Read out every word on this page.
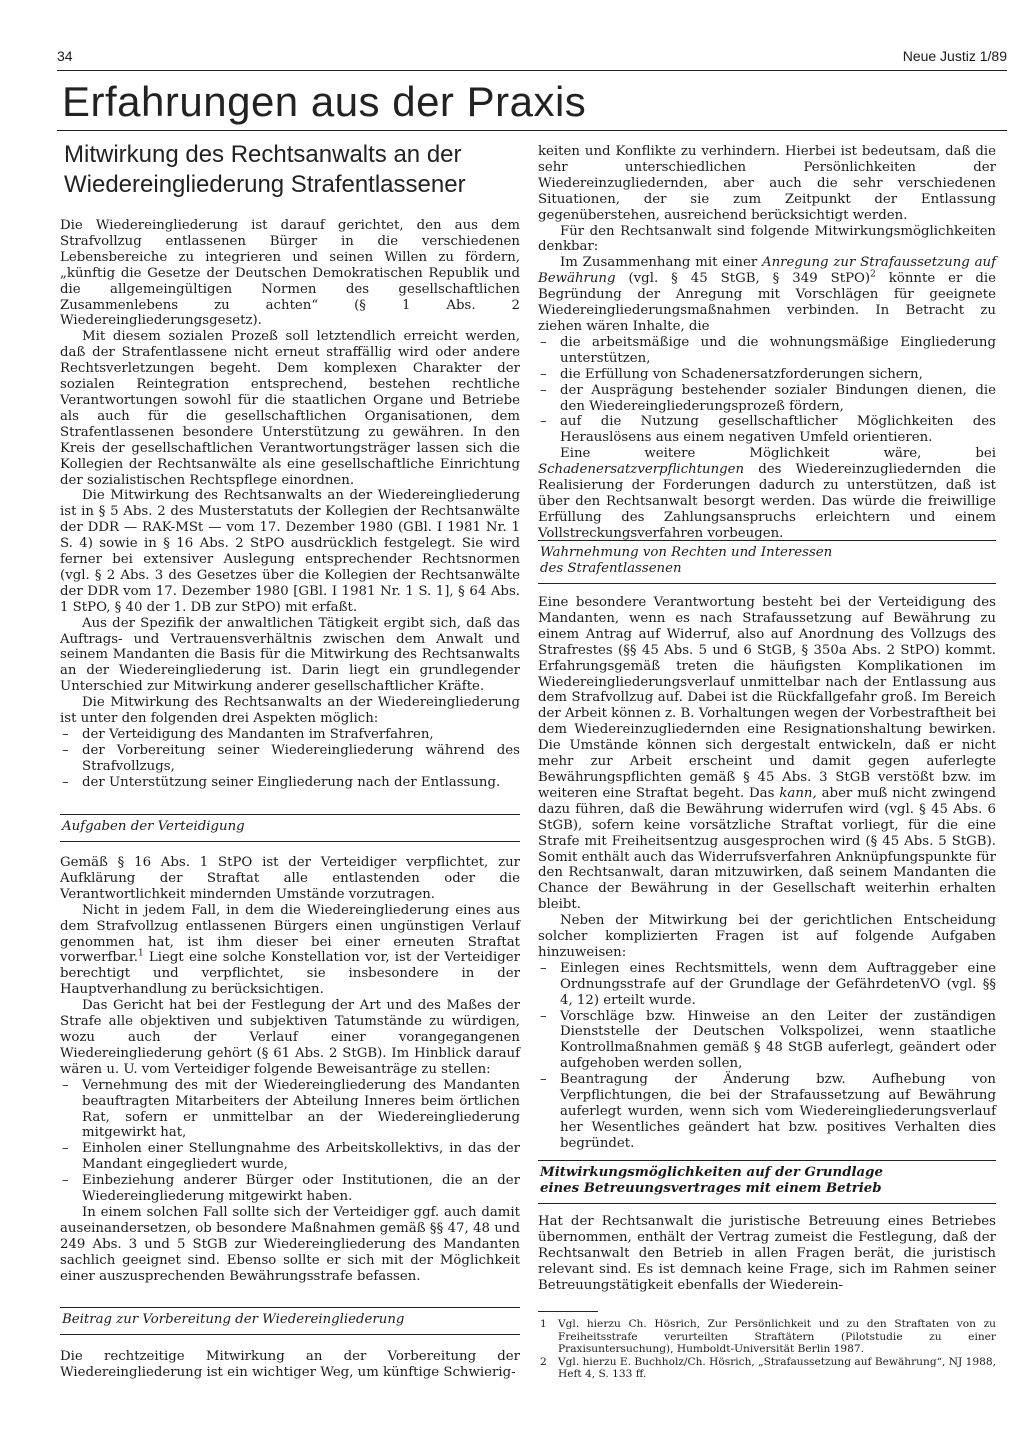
34	Neue Justiz 1/89
Erfahrungen aus der Praxis
Mitwirkung des Rechtsanwalts an der
Wiedereingliederung Strafentlassener

Die Wiedereingliederung ist darauf gerichtet, den aus dem Strafvollzug entlassenen Bürger in die verschiedenen Lebensbereiche zu integrieren und seinen Willen zu fördern, „künftig die Gesetze der Deutschen Demokratischen Republik und die allgemeingültigen Normen des gesellschaftlichen Zusammenlebens zu achten“ (§ 1 Abs. 2 Wiedereingliederungsgesetz).

Mit diesem sozialen Prozeß soll letztendlich erreicht werden, daß der Strafentlassene nicht erneut straffällig wird oder andere Rechtsverletzungen begeht. Dem komplexen Charakter der sozialen Reintegration entsprechend, bestehen rechtliche Verantwortungen sowohl für die staatlichen Organe und Betriebe als auch für die gesellschaftlichen Organisationen, dem Strafentlassenen besondere Unterstützung zu gewähren. In den Kreis der gesellschaftlichen Verantwortungsträger lassen sich die Kollegien der Rechtsanwälte als eine gesellschaftliche Einrichtung der sozialistischen Rechtspflege einordnen.

Die Mitwirkung des Rechtsanwalts an der Wiedereingliederung ist in § 5 Abs. 2 des Musterstatuts der Kollegien der Rechtsanwälte der DDR — RAK-MSt — vom 17. Dezember 1980 (GBl. I 1981 Nr. 1 S. 4) sowie in § 16 Abs. 2 StPO ausdrücklich festgelegt. Sie wird ferner bei extensiver Auslegung entsprechender Rechtsnormen (vgl. § 2 Abs. 3 des Gesetzes über die Kollegien der Rechtsanwälte der DDR vom 17. Dezember 1980 [GBl. I 1981 Nr. 1 S. 1], § 64 Abs. 1 StPO, § 40 der 1. DB zur StPO) mit erfaßt.

Aus der Spezifik der anwaltlichen Tätigkeit ergibt sich, daß das Auftrags- und Vertrauensverhältnis zwischen dem Anwalt und seinem Mandanten die Basis für die Mitwirkung des Rechtsanwalts an der Wiedereingliederung ist. Darin liegt ein grundlegender Unterschied zur Mitwirkung anderer gesellschaftlicher Kräfte.

Die Mitwirkung des Rechtsanwalts an der Wiedereingliederung ist unter den folgenden drei Aspekten möglich:

– der Verteidigung des Mandanten im Strafverfahren,
– der Vorbereitung seiner Wiedereingliederung während des Strafvollzugs,
– der Unterstützung seiner Eingliederung nach der Entlassung.
Aufgaben der Verteidigung

Gemäß § 16 Abs. 1 StPO ist der Verteidiger verpflichtet, zur Aufklärung der Straftat alle entlastenden oder die Verantwortlichkeit mindernden Umstände vorzutragen.

Nicht in jedem Fall, in dem die Wiedereingliederung eines aus dem Strafvollzug entlassenen Bürgers einen ungünstigen Verlauf genommen hat, ist ihm dieser bei einer erneuten Straftat vorwerfbar.$^1$ Liegt eine solche Konstellation vor, ist der Verteidiger berechtigt und verpflichtet, sie insbesondere in der Hauptverhandlung zu berücksichtigen.

Das Gericht hat bei der Festlegung der Art und des Maßes der Strafe alle objektiven und subjektiven Tatumstände zu würdigen, wozu auch der Verlauf einer vorangegangenen Wiedereingliederung gehört (§ 61 Abs. 2 StGB). Im Hinblick darauf wären u. U. vom Verteidiger folgende Beweisanträge zu stellen:

– Vernehmung des mit der Wiedereingliederung des Mandanten beauftragten Mitarbeiters der Abteilung Inneres beim örtlichen Rat, sofern er unmittelbar an der Wiedereingliederung mitgewirkt hat,
– Einholen einer Stellungnahme des Arbeitskollektivs, in das der Mandant eingegliedert wurde,
– Einbeziehung anderer Bürger oder Institutionen, die an der Wiedereingliederung mitgewirkt haben.

In einem solchen Fall sollte sich der Verteidiger ggf. auch damit auseinandersetzen, ob besondere Maßnahmen gemäß §§ 47, 48 und 249 Abs. 3 und 5 StGB zur Wiedereingliederung des Mandanten sachlich geeignet sind. Ebenso sollte er sich mit der Möglichkeit einer auszusprechenden Bewährungsstrafe befassen.

Beitrag zur Vorbereitung der Wiedereingliederung

Die rechtzeitige Mitwirkung an der Vorbereitung der Wiedereingliederung ist ein wichtiger Weg, um künftige Schwierig-

keiten und Konflikte zu verhindern. Hierbei ist bedeutsam, daß die sehr unterschiedlichen Persönlichkeiten der Wiedereinzugliedernden, aber auch die sehr verschiedenen Situationen, der sie zum Zeitpunkt der Entlassung gegenüberstehen, ausreichend berücksichtigt werden.

Für den Rechtsanwalt sind folgende Mitwirkungsmöglichkeiten denkbar:

Im Zusammenhang mit einer Anregung zur Strafaussetzung auf Bewährung (vgl. § 45 StGB, § 349 StPO)$^2$ könnte er die Begründung der Anregung mit Vorschlägen für geeignete Wiedereingliederungsmaßnahmen verbinden. In Betracht zu ziehen wären Inhalte, die

– die arbeitsmäßige und die wohnungsmäßige Eingliederung unterstützen,
– die Erfüllung von Schadenersatzforderungen sichern,
– der Ausprägung bestehender sozialer Bindungen dienen, die den Wiedereingliederungsprozeß fördern,
– auf die Nutzung gesellschaftlicher Möglichkeiten des Herauslösens aus einem negativen Umfeld orientieren.

Eine weitere Möglichkeit wäre, bei Schadenersatzverpflichtungen des Wiedereinzugliedernden die Realisierung der Forderungen dadurch zu unterstützen, daß ist über den Rechtsanwalt besorgt werden. Das würde die freiwillige Erfüllung des Zahlungsanspruchs erleichtern und einem Vollstreckungsverfahren vorbeugen.

Wahrnehmung von Rechten und Interessen
des Strafentlassenen

Eine besondere Verantwortung besteht bei der Verteidigung des Mandanten, wenn es nach Strafaussetzung auf Bewährung zu einem Antrag auf Widerruf, also auf Anordnung des Vollzugs des Strafrestes (§§ 45 Abs. 5 und 6 StGB, § 350a Abs. 2 StPO) kommt. Erfahrungsgemäß treten die häufigsten Komplikationen im Wiedereingliederungsverlauf unmittelbar nach der Entlassung aus dem Strafvollzug auf. Dabei ist die Rückfallgefahr groß. Im Bereich der Arbeit können z. B. Vorhaltungen wegen der Vorbestraftheit bei dem Wiedereinzugliedernden eine Resignationshaltung bewirken. Die Umstände können sich dergestalt entwickeln, daß er nicht mehr zur Arbeit erscheint und damit gegen auferlegte Bewährungspflichten gemäß § 45 Abs. 3 StGB verstößt bzw. im weiteren eine Straftat begeht. Das kann, aber muß nicht zwingend dazu führen, daß die Bewährung widerrufen wird (vgl. § 45 Abs. 6 StGB), sofern keine vorsätzliche Straftat vorliegt, für die eine Strafe mit Freiheitsentzug ausgesprochen wird (§ 45 Abs. 5 StGB). Somit enthält auch das Widerrufsverfahren Anknüpfungspunkte für den Rechtsanwalt, daran mitzuwirken, daß seinem Mandanten die Chance der Bewährung in der Gesellschaft weiterhin erhalten bleibt.

Neben der Mitwirkung bei der gerichtlichen Entscheidung solcher komplizierten Fragen ist auf folgende Aufgaben hinzuweisen:

– Einlegen eines Rechtsmittels, wenn dem Auftraggeber eine Ordnungsstrafe auf der Grundlage der GefährdetenVO (vgl. §§ 4, 12) erteilt wurde.
– Vorschläge bzw. Hinweise an den Leiter der zuständigen Dienststelle der Deutschen Volkspolizei, wenn staatliche Kontrollmaßnahmen gemäß § 48 StGB auferlegt, geändert oder aufgehoben werden sollen,
– Beantragung der Änderung bzw. Aufhebung von Verpflichtungen, die bei der Strafaussetzung auf Bewährung auferlegt wurden, wenn sich vom Wiedereingliederungsverlauf her Wesentliches geändert hat bzw. positives Verhalten dies begründet.
Mitwirkungsmöglichkeiten auf der Grundlage
eines Betreuungsvertrages mit einem Betrieb

Hat der Rechtsanwalt die juristische Betreuung eines Betriebes übernommen, enthält der Vertrag zumeist die Festlegung, daß der Rechtsanwalt den Betrieb in allen Fragen berät, die juristisch relevant sind. Es ist demnach keine Frage, sich im Rahmen seiner Betreuungstätigkeit ebenfalls der Wiederein-

1 Vgl. hierzu Ch. Hösrich, Zur Persönlichkeit und zu den Straftaten von zu Freiheitsstrafe verurteilten Straftätern (Pilotstudie zu einer Praxisuntersuchung), Humboldt-Universität Berlin 1987.
2 Vgl. hierzu E. Buchholz/Ch. Hösrich, „Strafaussetzung auf Bewährung“, NJ 1988, Heft 4, S. 133 ff.
